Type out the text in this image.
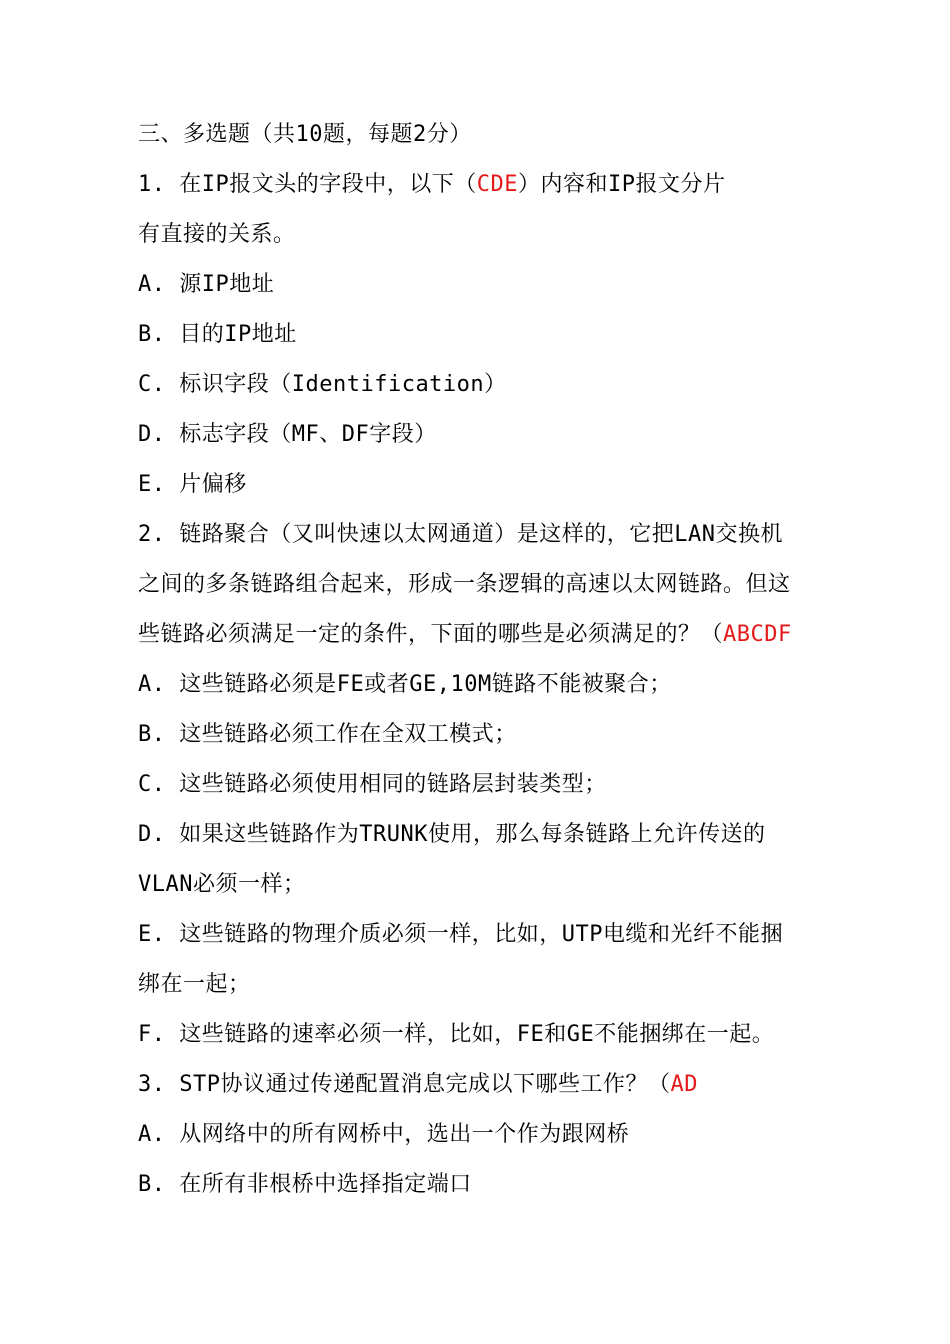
三、多选题（共10题，每题2分）
1. 在IP报文头的字段中，以下（CDE）内容和IP报文分片
有直接的关系。
A. 源IP地址
B. 目的IP地址
C. 标识字段（Identification）
D. 标志字段（MF、DF字段）
E. 片偏移
2. 链路聚合（又叫快速以太网通道）是这样的，它把LAN交换机
之间的多条链路组合起来，形成一条逻辑的高速以太网链路。但这
些链路必须满足一定的条件，下面的哪些是必须满足的？（ABCDF
A. 这些链路必须是FE或者GE,10M链路不能被聚合；
B. 这些链路必须工作在全双工模式；
C. 这些链路必须使用相同的链路层封装类型；
D. 如果这些链路作为TRUNK使用，那么每条链路上允许传送的
VLAN必须一样；
E. 这些链路的物理介质必须一样，比如，UTP电缆和光纤不能捆
绑在一起；
F. 这些链路的速率必须一样，比如，FE和GE不能捆绑在一起。
3. STP协议通过传递配置消息完成以下哪些工作？（AD
A. 从网络中的所有网桥中，选出一个作为跟网桥
B. 在所有非根桥中选择指定端口
